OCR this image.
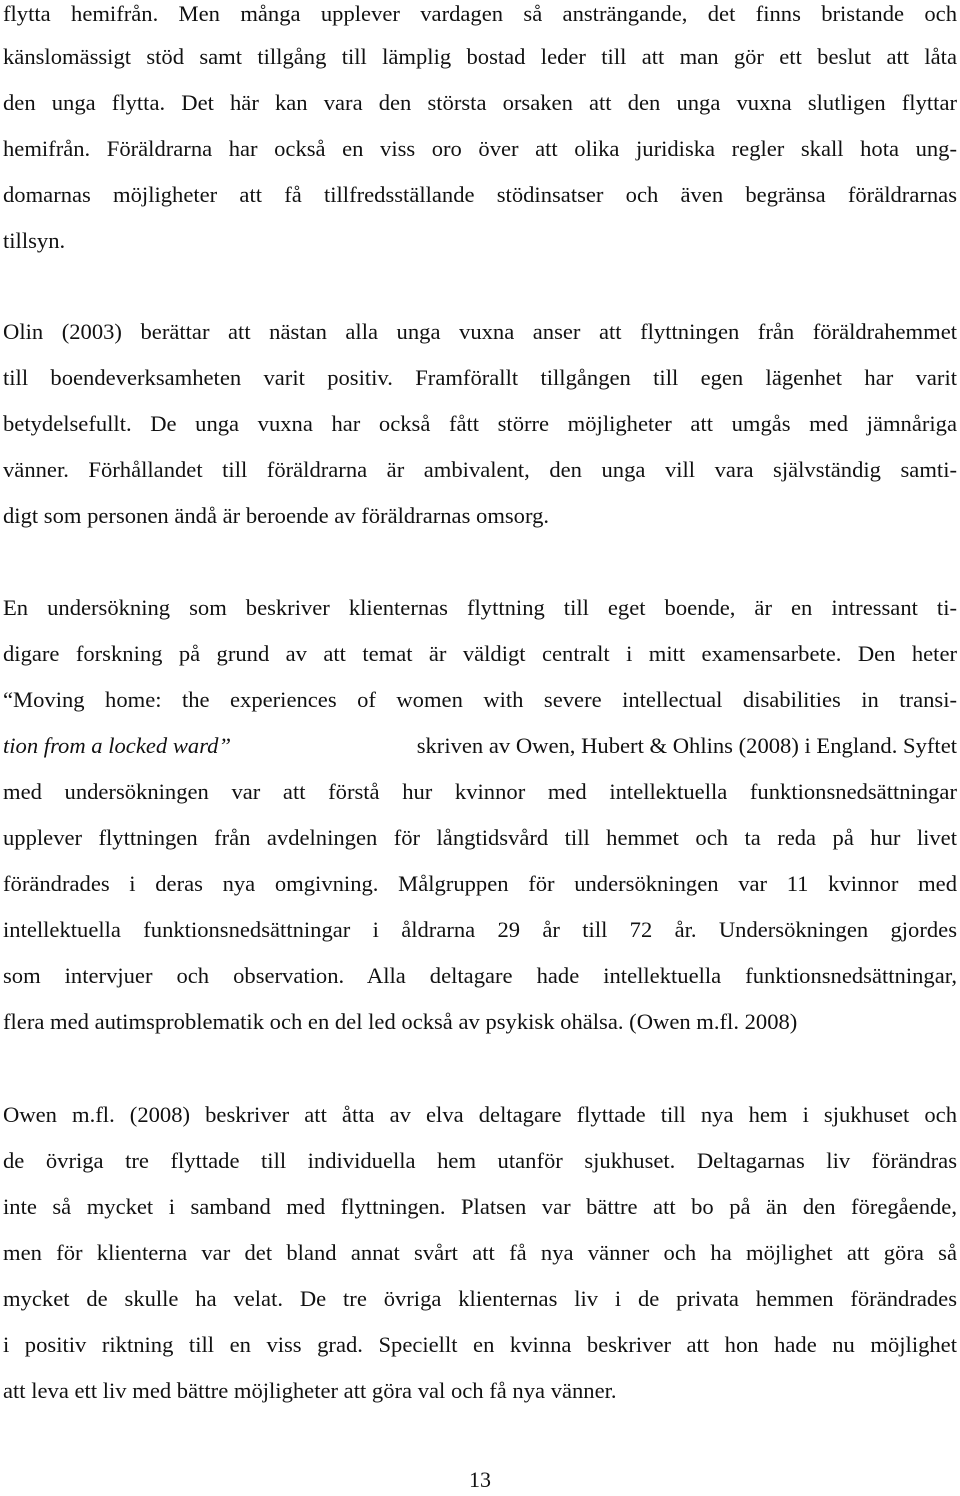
flytta hemifrån. Men många upplever vardagen så ansträngande, det finns bristande och
känslomässigt stöd samt tillgång till lämplig bostad leder till att man gör ett beslut att låta
den unga flytta. Det här kan vara den största orsaken att den unga vuxna slutligen flyttar
hemifrån. Föräldrarna har också en viss oro över att olika juridiska regler skall hota ung-
domarnas möjligheter att få tillfredsställande stödinsatser och även begränsa föräldrarnas
tillsyn.
Olin (2003) berättar att nästan alla unga vuxna anser att flyttningen från föräldrahemmet
till boendeverksamheten varit positiv. Framförallt tillgången till egen lägenhet har varit
betydelsefullt. De unga vuxna har också fått större möjligheter att umgås med jämnåriga
vänner. Förhållandet till föräldrarna är ambivalent, den unga vill vara självständig samti-
digt som personen ändå är beroende av föräldrarnas omsorg.
En undersökning som beskriver klienternas flyttning till eget boende, är en intressant ti-
digare forskning på grund av att temat är väldigt centralt i mitt examensarbete. Den heter
“Moving home: the experiences of women with severe intellectual disabilities in transi-
tion from a locked ward”	skriven av Owen, Hubert & Ohlins (2008) i England. Syftet
med undersökningen var att förstå hur kvinnor med intellektuella funktionsnedsättningar
upplever flyttningen från avdelningen för långtidsvård till hemmet och ta reda på hur livet
förändrades i deras nya omgivning. Målgruppen för undersökningen var 11 kvinnor med
intellektuella funktionsnedsättningar i åldrarna 29 år till 72 år. Undersökningen gjordes
som intervjuer och observation. Alla deltagare hade intellektuella funktionsnedsättningar,
flera med autimsproblematik och en del led också av psykisk ohälsa. (Owen m.fl. 2008)
Owen m.fl. (2008) beskriver att åtta av elva deltagare flyttade till nya hem i sjukhuset och
de övriga tre flyttade till individuella hem utanför sjukhuset. Deltagarnas liv förändras
inte så mycket i samband med flyttningen. Platsen var bättre att bo på än den föregående,
men för klienterna var det bland annat svårt att få nya vänner och ha möjlighet att göra så
mycket de skulle ha velat. De tre övriga klienternas liv i de privata hemmen förändrades
i positiv riktning till en viss grad. Speciellt en kvinna beskriver att hon hade nu möjlighet
att leva ett liv med bättre möjligheter att göra val och få nya vänner.
13
